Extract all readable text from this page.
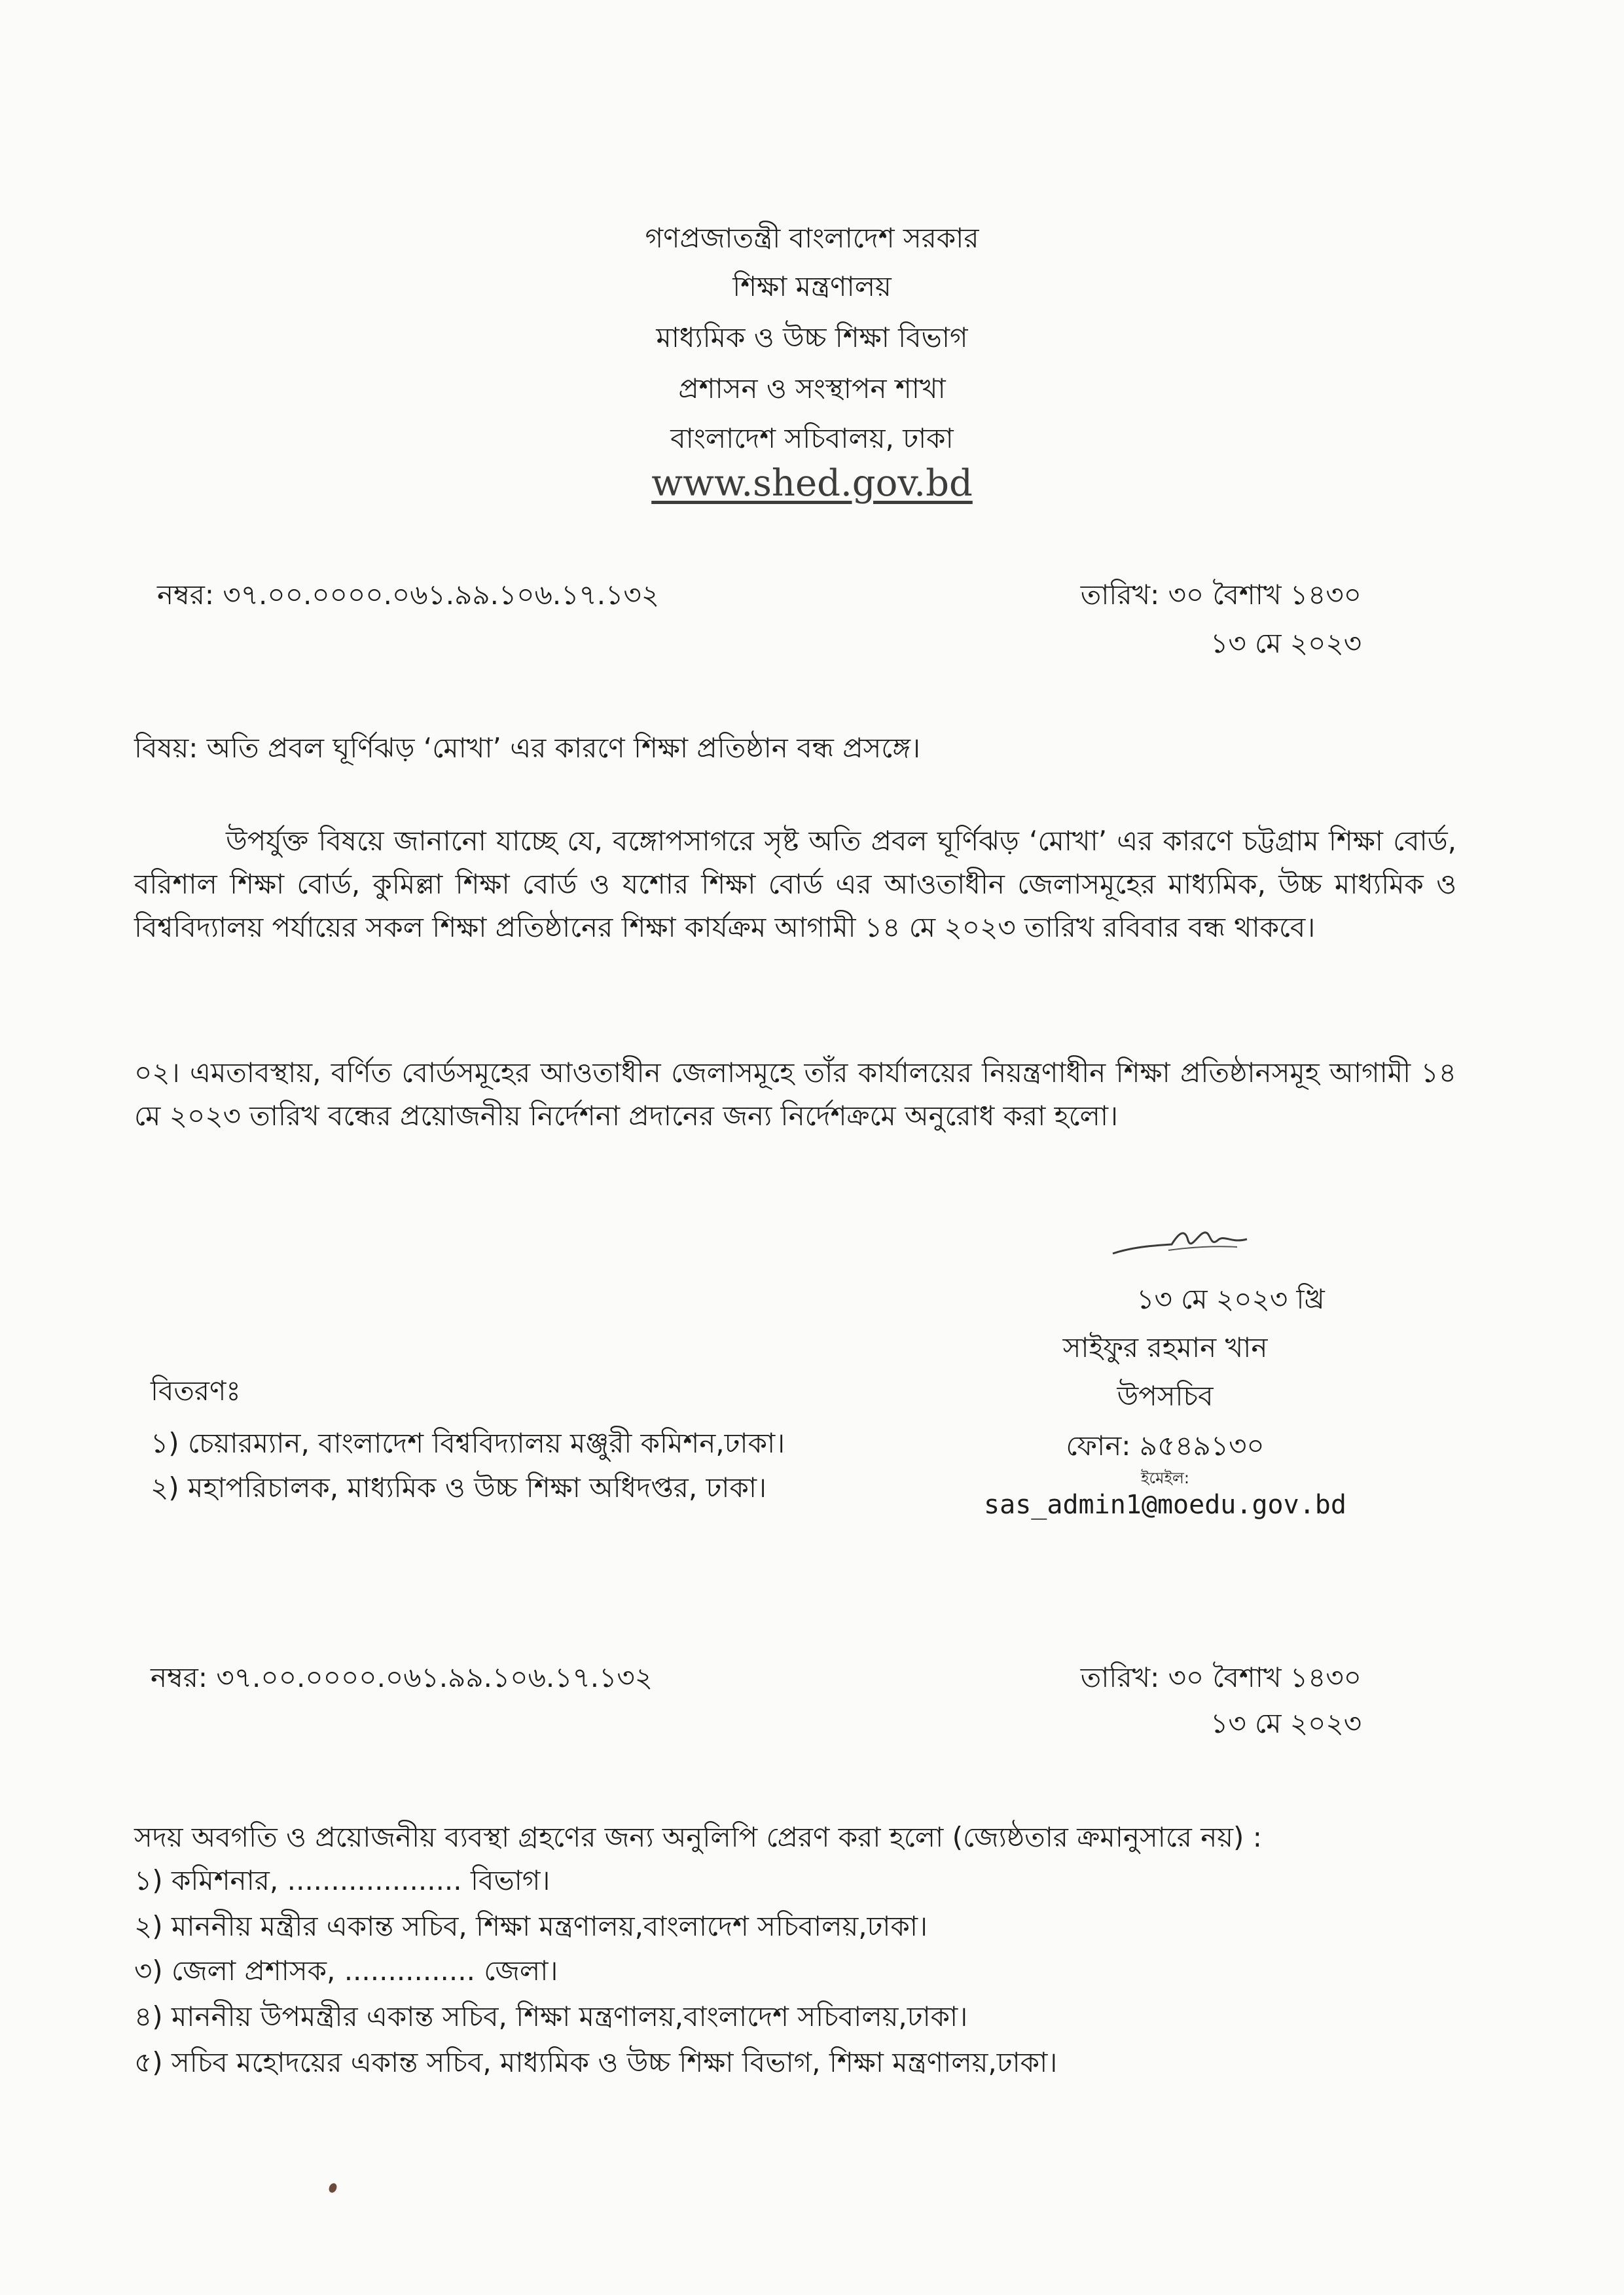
গণপ্রজাতন্ত্রী বাংলাদেশ সরকার
শিক্ষা মন্ত্রণালয়
মাধ্যমিক ও উচ্চ শিক্ষা বিভাগ
প্রশাসন ও সংস্থাপন শাখা
বাংলাদেশ সচিবালয়, ঢাকা
www.shed.gov.bd
নম্বর: ৩৭.০০.০০০০.০৬১.৯৯.১০৬.১৭.১৩২	তারিখ: ৩০ বৈশাখ ১৪৩০
১৩ মে ২০২৩
বিষয়: অতি প্রবল ঘূর্ণিঝড় ‘মোখা’ এর কারণে শিক্ষা প্রতিষ্ঠান বন্ধ প্রসঙ্গে।
উপর্যুক্ত বিষয়ে জানানো যাচ্ছে যে, বঙ্গোপসাগরে সৃষ্ট অতি প্রবল ঘূর্ণিঝড় ‘মোখা’ এর কারণে চট্টগ্রাম শিক্ষা বোর্ড, বরিশাল শিক্ষা বোর্ড, কুমিল্লা শিক্ষা বোর্ড ও যশোর শিক্ষা বোর্ড এর আওতাধীন জেলাসমূহের মাধ্যমিক, উচ্চ মাধ্যমিক ও বিশ্ববিদ্যালয় পর্যায়ের সকল শিক্ষা প্রতিষ্ঠানের শিক্ষা কার্যক্রম আগামী ১৪ মে ২০২৩ তারিখ রবিবার বন্ধ থাকবে।
০২। এমতাবস্থায়, বর্ণিত বোর্ডসমূহের আওতাধীন জেলাসমূহে তাঁর কার্যালয়ের নিয়ন্ত্রণাধীন শিক্ষা প্রতিষ্ঠানসমূহ আগামী ১৪ মে ২০২৩ তারিখ বন্ধের প্রয়োজনীয় নির্দেশনা প্রদানের জন্য নির্দেশক্রমে অনুরোধ করা হলো।
১৩ মে ২০২৩ খ্রি
সাইফুর রহমান খান
উপসচিব
ফোন: ৯৫৪৯১৩০
ইমেইল:
sas_admin1@moedu.gov.bd
বিতরণঃ
১) চেয়ারম্যান, বাংলাদেশ বিশ্ববিদ্যালয় মঞ্জুরী কমিশন,ঢাকা।
২) মহাপরিচালক, মাধ্যমিক ও উচ্চ শিক্ষা অধিদপ্তর, ঢাকা।
নম্বর: ৩৭.০০.০০০০.০৬১.৯৯.১০৬.১৭.১৩২	তারিখ: ৩০ বৈশাখ ১৪৩০
১৩ মে ২০২৩
সদয় অবগতি ও প্রয়োজনীয় ব্যবস্থা গ্রহণের জন্য অনুলিপি প্রেরণ করা হলো (জ্যেষ্ঠতার ক্রমানুসারে নয়) :
১) কমিশনার, .................... বিভাগ।
২) মাননীয় মন্ত্রীর একান্ত সচিব, শিক্ষা মন্ত্রণালয়,বাংলাদেশ সচিবালয়,ঢাকা।
৩) জেলা প্রশাসক, ............... জেলা।
৪) মাননীয় উপমন্ত্রীর একান্ত সচিব, শিক্ষা মন্ত্রণালয়,বাংলাদেশ সচিবালয়,ঢাকা।
৫) সচিব মহোদয়ের একান্ত সচিব, মাধ্যমিক ও উচ্চ শিক্ষা বিভাগ, শিক্ষা মন্ত্রণালয়,ঢাকা।
